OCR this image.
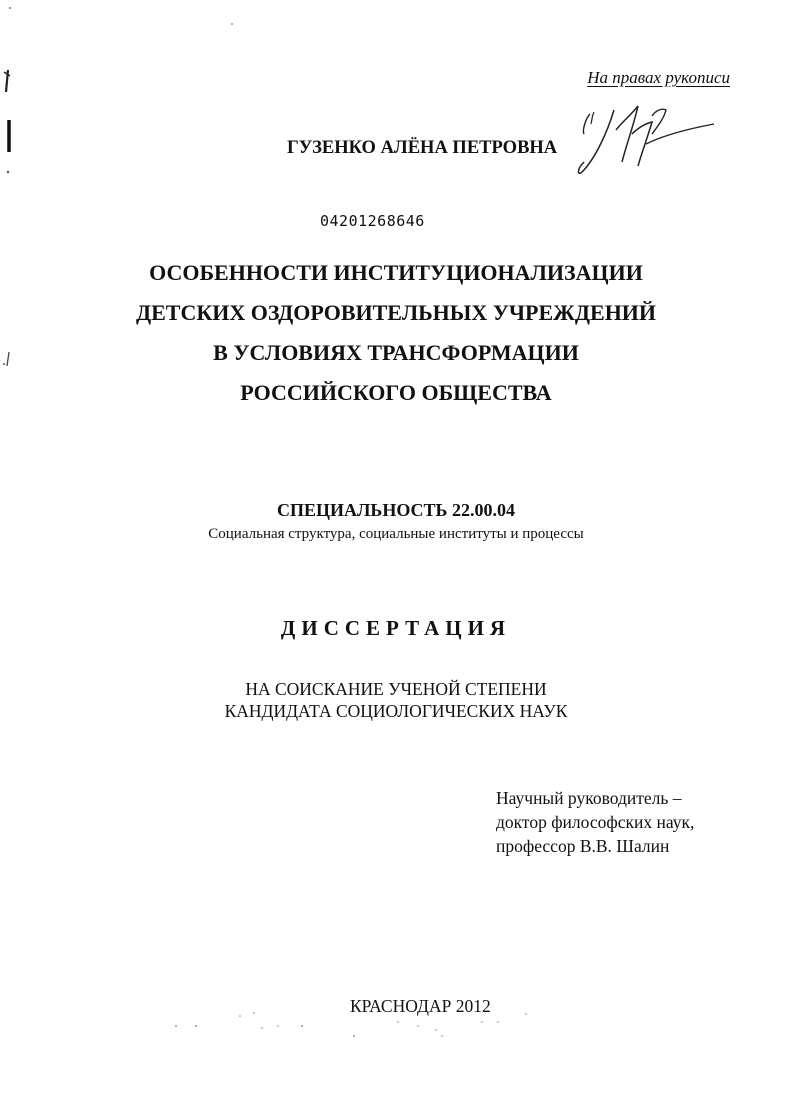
На правах рукописи
ГУЗЕНКО АЛЁНА ПЕТРОВНА
04201268646
ОСОБЕННОСТИ ИНСТИТУЦИОНАЛИЗАЦИИ
ДЕТСКИХ ОЗДОРОВИТЕЛЬНЫХ УЧРЕЖДЕНИЙ
В УСЛОВИЯХ ТРАНСФОРМАЦИИ
РОССИЙСКОГО ОБЩЕСТВА
СПЕЦИАЛЬНОСТЬ 22.00.04
Социальная структура, социальные институты и процессы
ДИССЕРТАЦИЯ
НА СОИСКАНИЕ УЧЕНОЙ СТЕПЕНИ
КАНДИДАТА СОЦИОЛОГИЧЕСКИХ НАУК
Научный руководитель –
доктор философских наук,
профессор В.В. Шалин
КРАСНОДАР 2012
